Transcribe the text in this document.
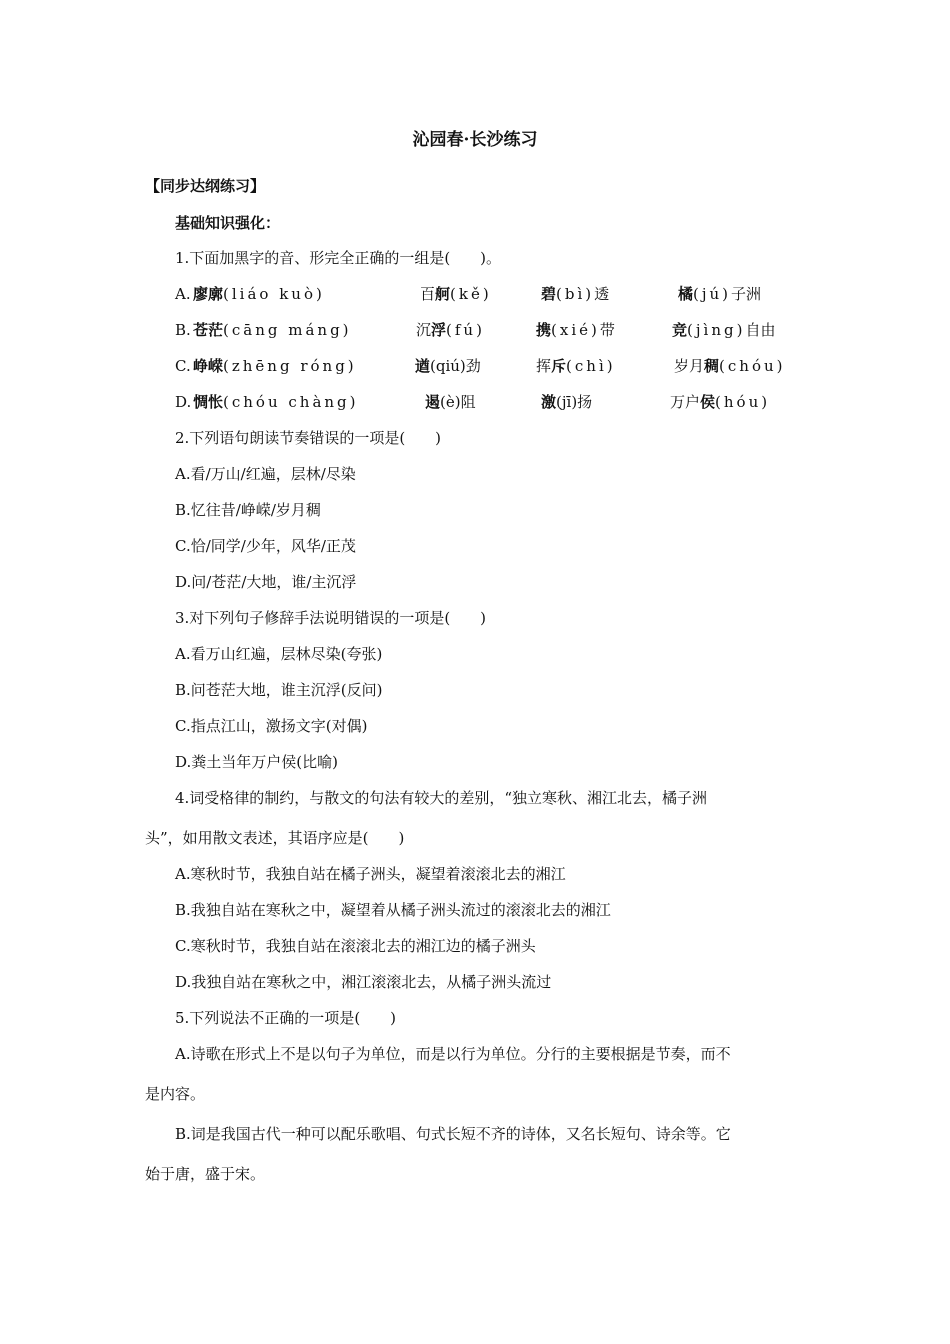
沁园春·长沙练习
【同步达纲练习】
基础知识强化：
1.下面加黑字的音、形完全正确的一组是(　　)。
A. 廖廓(liáo kuò)	百舸(kě)	碧(bì)透	橘(jú)子洲
B. 苍茫(cāng máng)	沉浮(fú)	携(xié)带	竞(jìng)自由
C. 峥嵘(zhēng róng)	遒(qiú)劲	挥斥(chì)	岁月稠(chóu)
D. 惆怅(chóu chàng)	遏(è)阻	激(jī)扬	万户侯(hóu)
2.下列语句朗读节奏错误的一项是(　　)
A.看/万山/红遍，层林/尽染
B.忆往昔/峥嵘/岁月稠
C.恰/同学/少年，风华/正茂
D.问/苍茫/大地，谁/主沉浮
3.对下列句子修辞手法说明错误的一项是(　　)
A.看万山红遍，层林尽染(夸张)
B.问苍茫大地，谁主沉浮(反问)
C.指点江山，激扬文字(对偶)
D.粪土当年万户侯(比喻)
4.词受格律的制约，与散文的句法有较大的差别，“独立寒秋、湘江北去，橘子洲
头”，如用散文表述，其语序应是(　　)
A.寒秋时节，我独自站在橘子洲头，凝望着滚滚北去的湘江
B.我独自站在寒秋之中，凝望着从橘子洲头流过的滚滚北去的湘江
C.寒秋时节，我独自站在滚滚北去的湘江边的橘子洲头
D.我独自站在寒秋之中，湘江滚滚北去，从橘子洲头流过
5.下列说法不正确的一项是(　　)
A.诗歌在形式上不是以句子为单位，而是以行为单位。分行的主要根据是节奏，而不
是内容。
B.词是我国古代一种可以配乐歌唱、句式长短不齐的诗体，又名长短句、诗余等。它
始于唐，盛于宋。
